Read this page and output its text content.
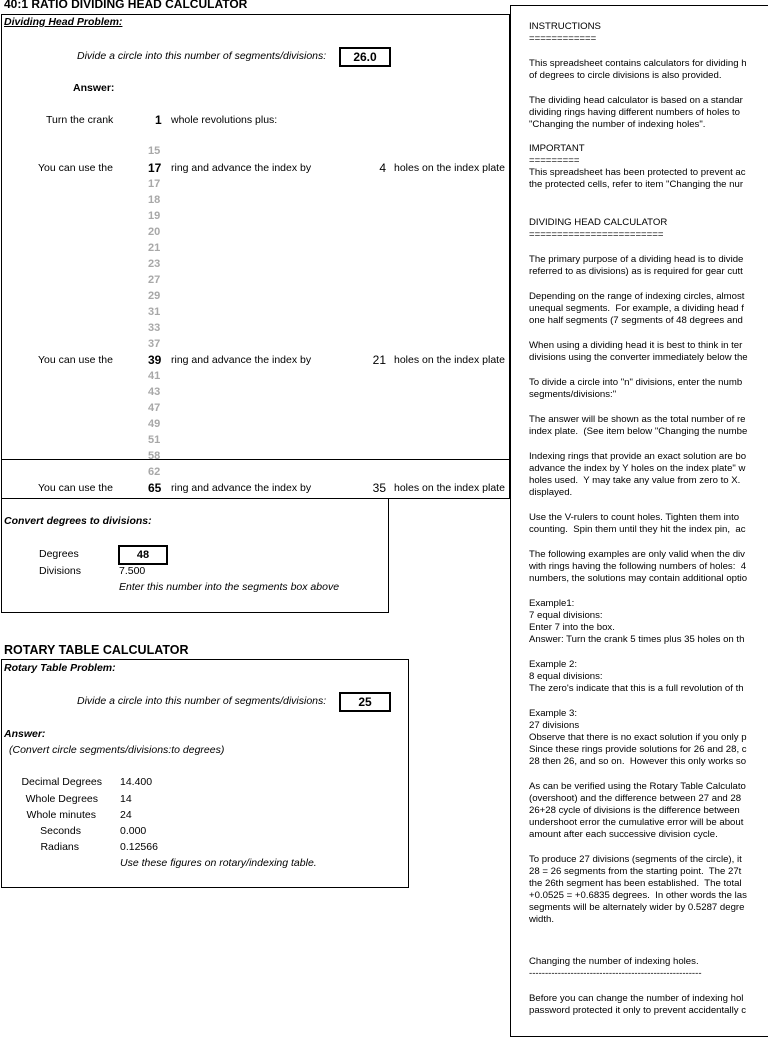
40:1 RATIO DIVIDING HEAD CALCULATOR
Dividing Head Problem:
Divide a circle into this number of segments/divisions:	26.0
Answer:
Turn the crank	1 whole revolutions plus:
15
17
18
19
20
21
23
27
29
31
33
37
41
43
47
49
51
58
62
You can use the	17 ring and advance the index by	4 holes on the index plate
You can use the	39 ring and advance the index by	21 holes on the index plate
You can use the	65 ring and advance the index by	35 holes on the index plate
Convert degrees to divisions:
Degrees	48
Divisions	7.500
Enter this number into the segments box above
ROTARY TABLE CALCULATOR
Rotary Table Problem:
Divide a circle into this number of segments/divisions:	25
Answer:
(Convert circle segments/divisions:to degrees)
Decimal Degrees 14.400
Whole Degrees 14
Whole minutes 24
Seconds	0.000
Radians	0.12566
Use these figures on rotary/indexing table.

INSTRUCTIONS

============

This spreadsheet contains calculators for dividing h

of degrees to circle divisions is also provided.

The dividing head calculator is based on a standar

dividing rings having different numbers of holes to

"Changing the number of indexing holes".

IMPORTANT

=========

This spreadsheet has been protected to prevent ac

the protected cells, refer to item "Changing the nur

DIVIDING HEAD CALCULATOR

========================

The primary purpose of a dividing head is to divide

referred to as divisions) as is required for gear cutt

Depending on the range of indexing circles, almost

unequal segments.  For example, a dividing head f

one half segments (7 segments of 48 degrees and

When using a dividing head it is best to think in ter

divisions using the converter immediately below the

To divide a circle into "n" divisions, enter the numb

segments/divisions:"

The answer will be shown as the total number of re

index plate.  (See item below "Changing the numbe

Indexing rings that provide an exact solution are bo

advance the index by Y holes on the index plate" w

holes used.  Y may take any value from zero to X.

displayed.

Use the V-rulers to count holes. Tighten them into

counting.  Spin them until they hit the index pin,  ac

The following examples are only valid when the div

with rings having the following numbers of holes:  4

numbers, the solutions may contain additional optio

Example1:

7 equal divisions:

Enter 7 into the box.

Answer: Turn the crank 5 times plus 35 holes on th

Example 2:

8 equal divisions:

The zero's indicate that this is a full revolution of th

Example 3:

27 divisions

Observe that there is no exact solution if you only p

Since these rings provide solutions for 26 and 28, c

28 then 26, and so on.  However this only works so

As can be verified using the Rotary Table Calculato

(overshoot) and the difference between 27 and 28

26+28 cycle of divisions is the difference between

undershoot error the cumulative error will be about

amount after each successive division cycle.

To produce 27 divisions (segments of the circle), it

28 = 26 segments from the starting point.  The 27t

the 26th segment has been established.  The total

+0.0525 = +0.6835 degrees.  In other words the las

segments will be alternately wider by 0.5287 degre

width.

Changing the number of indexing holes.

------------------------------------------------------

Before you can change the number of indexing hol

password protected it only to prevent accidentally c
